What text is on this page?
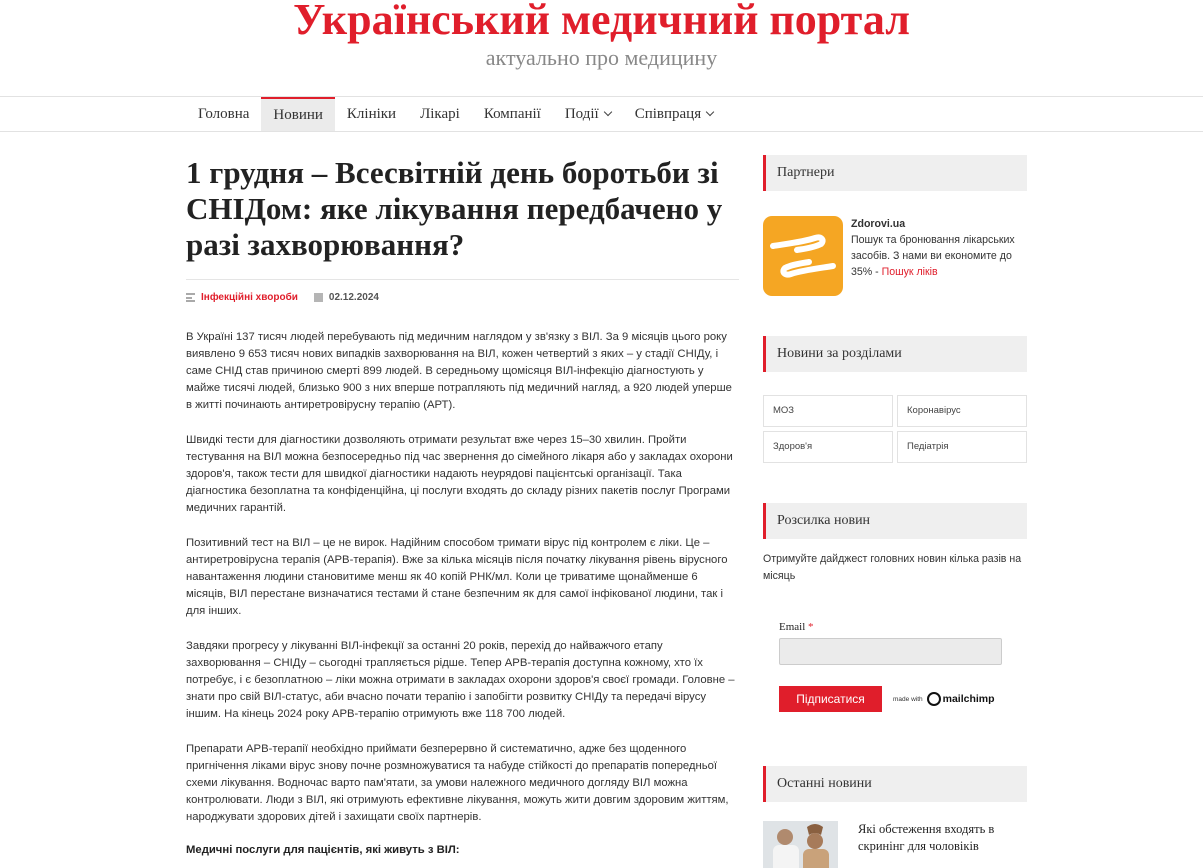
Український медичний портал
актуально про медицину
Головна Новини Клініки Лікарі Компанії Події Співпраця
1 грудня – Всесвітній день боротьби зі СНІДом: яке лікування передбачено у разі захворювання?
Інфекційні хвороби	02.12.2024

В Україні 137 тисяч людей перебувають під медичним наглядом у зв'язку з ВІЛ. За 9 місяців цього року виявлено 9 653 тисяч нових випадків захворювання на ВІЛ, кожен четвертий з яких – у стадії СНІДу, і саме СНІД став причиною смерті 899 людей. В середньому щомісяця ВІЛ-інфекцію діагностують у майже тисячі людей, близько 900 з них вперше потрапляють під медичний нагляд, а 920 людей уперше в житті починають антиретровірусну терапію (АРТ).

Швидкі тести для діагностики дозволяють отримати результат вже через 15–30 хвилин. Пройти тестування на ВІЛ можна безпосередньо під час звернення до сімейного лікаря або у закладах охорони здоров'я, також тести для швидкої діагностики надають неурядові пацієнтські організації. Така діагностика безоплатна та конфіденційна, ці послуги входять до складу різних пакетів послуг Програми медичних гарантій.

Позитивний тест на ВІЛ – це не вирок. Надійним способом тримати вірус під контролем є ліки. Це – антиретровірусна терапія (АРВ-терапія). Вже за кілька місяців після початку лікування рівень вірусного навантаження людини становитиме менш як 40 копій РНК/мл. Коли це триватиме щонайменше 6 місяців, ВІЛ перестане визначатися тестами й стане безпечним як для самої інфікованої людини, так і для інших.

Завдяки прогресу у лікуванні ВІЛ-інфекції за останні 20 років, перехід до найважчого етапу захворювання – СНІДу – сьогодні трапляється рідше. Тепер АРВ-терапія доступна кожному, хто їх потребує, і є безоплатною – ліки можна отримати в закладах охорони здоров'я своєї громади. Головне – знати про свій ВІЛ-статус, аби вчасно почати терапію і запобігти розвитку СНІДу та передачі вірусу іншим. На кінець 2024 року АРВ-терапію отримують вже 118 700 людей.

Препарати АРВ-терапії необхідно приймати безперервно й систематично, адже без щоденного пригнічення ліками вірус знову почне розмножуватися та набуде стійкості до препаратів попередньої схеми лікування. Водночас варто пам'ятати, за умови належного медичного догляду ВІЛ можна контролювати. Люди з ВІЛ, які отримують ефективне лікування, можуть жити довгим здоровим життям, народжувати здорових дітей і захищати своїх партнерів.

Медичні послуги для пацієнтів, які живуть з ВІЛ:

Партнери
Zdorovi.ua
Пошук та бронювання лікарських засобів. З нами ви економите до 35% - Пошук ліків
Новини за розділами
МОЗ	Коронавірус
Здоров'я	Педіатрія
Розсилка новин

Отримуйте дайджест головних новин кілька разів на місяць

Email *
Підписатися	made with mailchimp
Останні новини
Які обстеження входять в скринінг для чоловіків
